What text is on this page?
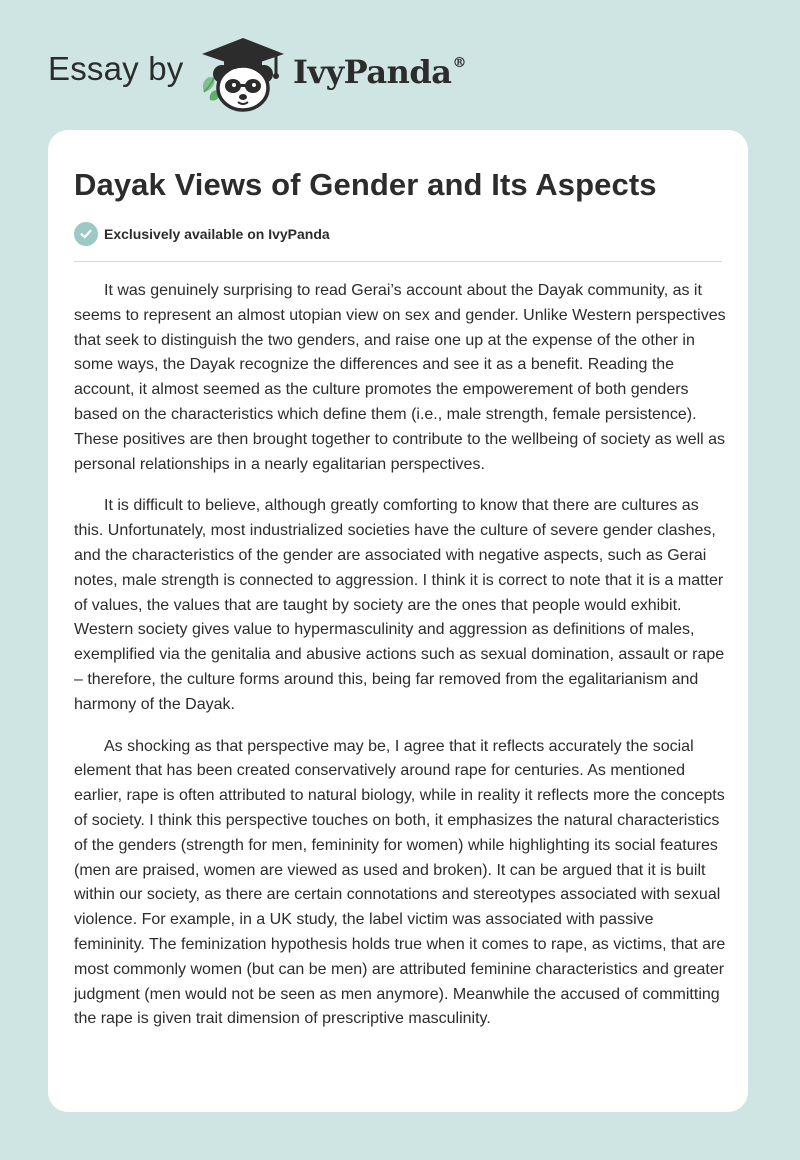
Essay by	IvyPanda®
Dayak Views of Gender and Its Aspects
Exclusively available on IvyPanda

It was genuinely surprising to read Gerai’s account about the Dayak community, as it seems to represent an almost utopian view on sex and gender. Unlike Western perspectives that seek to distinguish the two genders, and raise one up at the expense of the other in some ways, the Dayak recognize the differences and see it as a benefit. Reading the account, it almost seemed as the culture promotes the empowerement of both genders based on the characteristics which define them (i.e., male strength, female persistence). These positives are then brought together to contribute to the wellbeing of society as well as personal relationships in a nearly egalitarian perspectives.

It is difficult to believe, although greatly comforting to know that there are cultures as this. Unfortunately, most industrialized societies have the culture of severe gender clashes, and the characteristics of the gender are associated with negative aspects, such as Gerai notes, male strength is connected to aggression. I think it is correct to note that it is a matter of values, the values that are taught by society are the ones that people would exhibit. Western society gives value to hypermasculinity and aggression as definitions of males, exemplified via the genitalia and abusive actions such as sexual domination, assault or rape – therefore, the culture forms around this, being far removed from the egalitarianism and harmony of the Dayak.

As shocking as that perspective may be, I agree that it reflects accurately the social element that has been created conservatively around rape for centuries. As mentioned earlier, rape is often attributed to natural biology, while in reality it reflects more the concepts of society. I think this perspective touches on both, it emphasizes the natural characteristics of the genders (strength for men, femininity for women) while highlighting its social features (men are praised, women are viewed as used and broken). It can be argued that it is built within our society, as there are certain connotations and stereotypes associated with sexual violence. For example, in a UK study, the label victim was associated with passive femininity. The feminization hypothesis holds true when it comes to rape, as victims, that are most commonly women (but can be men) are attributed feminine characteristics and greater judgment (men would not be seen as men anymore). Meanwhile the accused of committing the rape is given trait dimension of prescriptive masculinity.
